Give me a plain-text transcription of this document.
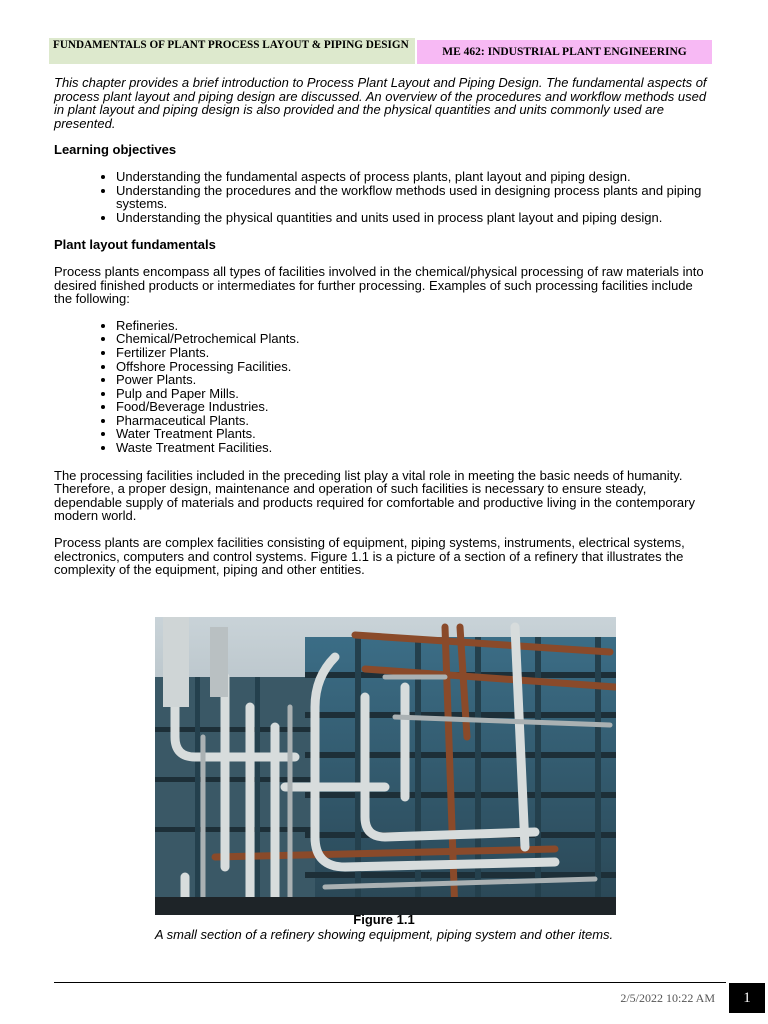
FUNDAMENTALS OF PLANT PROCESS LAYOUT & PIPING DESIGN
ME 462: INDUSTRIAL PLANT ENGINEERING

This chapter provides a brief introduction to Process Plant Layout and Piping Design. The fundamental aspects of process plant layout and piping design are discussed. An overview of the procedures and workflow methods used in plant layout and piping design is also provided and the physical quantities and units commonly used are presented.

Learning objectives
• Understanding the fundamental aspects of process plants, plant layout and piping design.
• Understanding the procedures and the workflow methods used in designing process plants and piping systems.
• Understanding the physical quantities and units used in process plant layout and piping design.
Plant layout fundamentals

Process plants encompass all types of facilities involved in the chemical/physical processing of raw materials into desired finished products or intermediates for further processing. Examples of such processing facilities include the following:

• Refineries.
• Chemical/Petrochemical Plants.
• Fertilizer Plants.
• Offshore Processing Facilities.
• Power Plants.
• Pulp and Paper Mills.
• Food/Beverage Industries.
• Pharmaceutical Plants.
• Water Treatment Plants.
• Waste Treatment Facilities.

The processing facilities included in the preceding list play a vital role in meeting the basic needs of humanity. Therefore, a proper design, maintenance and operation of such facilities is necessary to ensure steady, dependable supply of materials and products required for comfortable and productive living in the contemporary modern world.

Process plants are complex facilities consisting of equipment, piping systems, instruments, electrical systems, electronics, computers and control systems. Figure 1.1 is a picture of a section of a refinery that illustrates the complexity of the equipment, piping and other entities.

Figure 1.1
A small section of a refinery showing equipment, piping system and other items.
2/5/2022 10:22 AM	1
